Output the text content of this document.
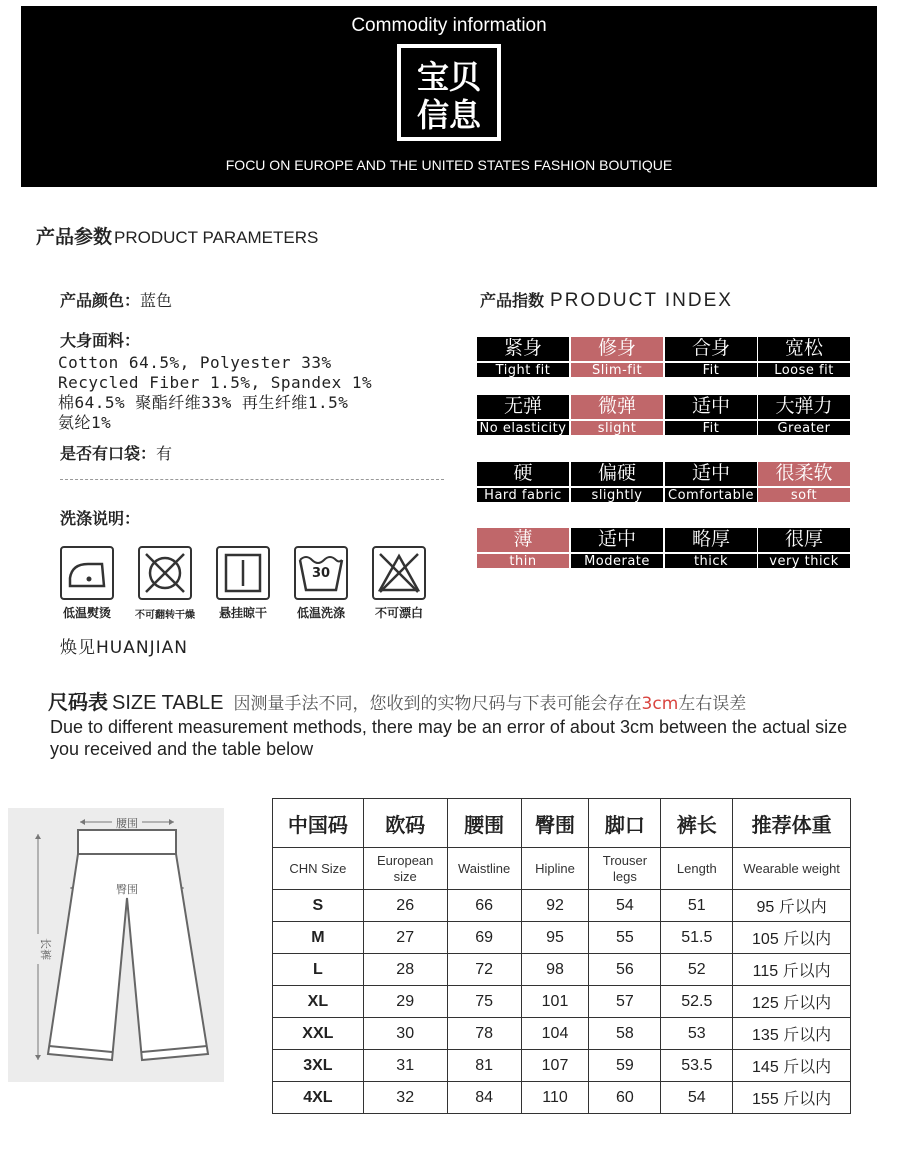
Commodity information
宝贝
信息
FOCU ON EUROPE AND THE UNITED STATES FASHION BOUTIQUE
产品参数 PRODUCT PARAMETERS
产品颜色：蓝色
大身面料：
Cotton 64.5%, Polyester 33%
Recycled Fiber 1.5%, Spandex 1%
棉64.5% 聚酯纤维33% 再生纤维1.5%
氨纶1%
是否有口袋：有
洗涤说明：
30
低温熨烫	不可翻转干燥	悬挂晾干	低温洗涤	不可漂白
焕见HUANJIAN
产品指数 PRODUCT INDEX
紧身
Tight fit
修身
Slim-fit
合身
Fit
宽松
Loose fit
无弹
No elasticity
微弹
slight
适中
Fit
大弹力
Greater
硬
Hard fabric
偏硬
slightly
适中
Comfortable
很柔软
soft
薄
thin
适中
Moderate
略厚
thick
很厚
very thick
尺码表 SIZE TABLE 因测量手法不同，您收到的实物尺码与下表可能会存在3cm左右误差
Due to different measurement methods, there may be an error of about 3cm between the actual size you received and the table below
腰围
臀围
长裤
中国码	欧码	腰围	臀围	脚口	裤长	推荐体重
CHN Size	European size	Waistline	Hipline	Trouser legs	Length	Wearable weight
S	26	66	92	54	51	95 斤以内
M	27	69	95	55	51.5	105 斤以内
L	28	72	98	56	52	115 斤以内
XL	29	75	101	57	52.5	125 斤以内
XXL	30	78	104	58	53	135 斤以内
3XL	31	81	107	59	53.5	145 斤以内
4XL	32	84	110	60	54	155 斤以内
